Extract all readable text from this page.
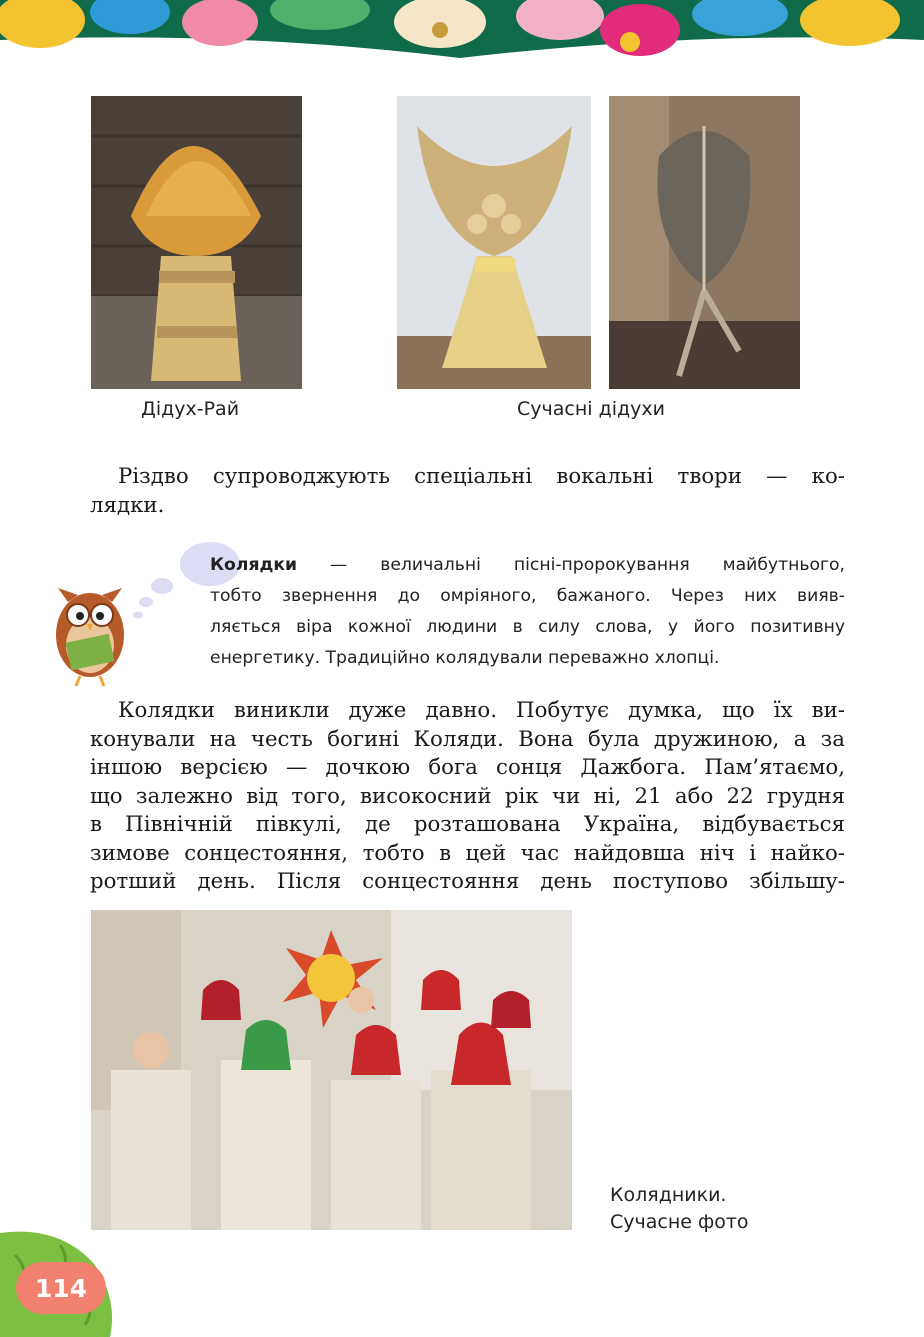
Дідух-Рай	Сучасні дідухи
Різдво супроводжують спеціальні вокальні твори — ко-
лядки.
Колядки — величальні пісні-пророкування майбутнього,
тобто звернення до омріяного, бажаного. Через них вияв-
ляється віра кожної людини в силу слова, у його позитивну
енергетику. Традиційно колядували переважно хлопці.
Колядки виникли дуже давно. Побутує думка, що їх ви-
конували на честь богині Коляди. Вона була дружиною, а за
іншою версією — дочкою бога сонця Дажбога. Пам’ятаємо,
що залежно від того, високосний рік чи ні, 21 або 22 грудня
в Північній півкулі, де розташована Україна, відбувається
зимове сонцестояння, тобто в цей час найдовша ніч і найко-
ротший день. Після сонцестояння день поступово збільшу-
Колядники.
Сучасне фото
114
